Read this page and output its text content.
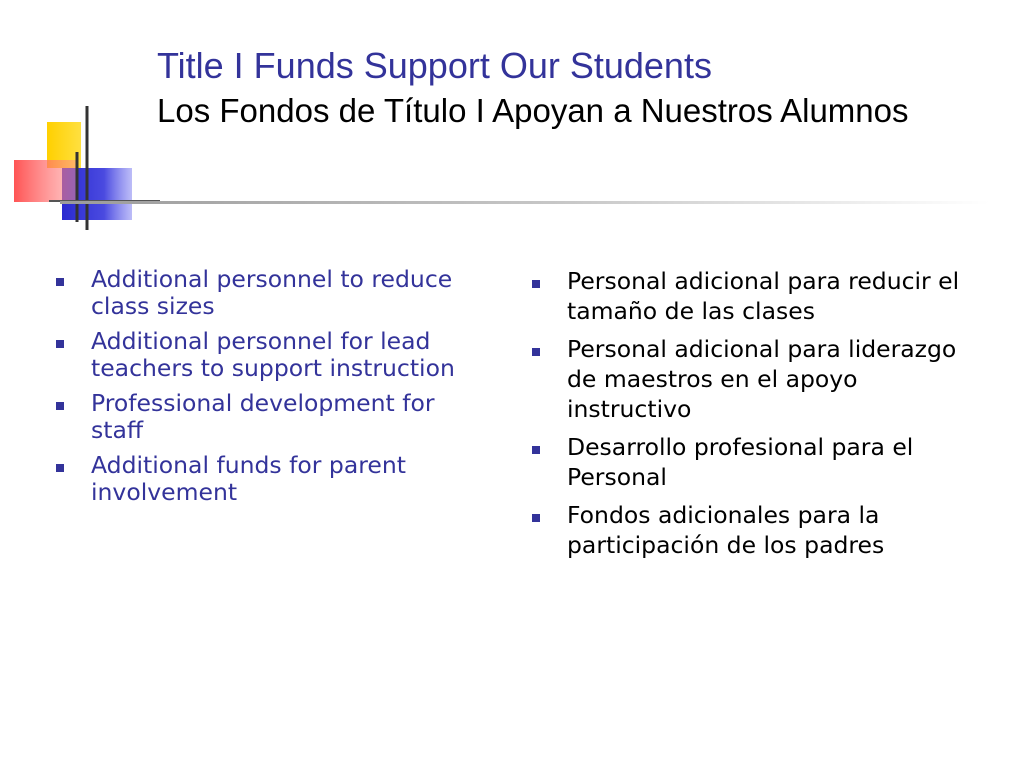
Title I Funds Support Our Students
Los Fondos de Título I Apoyan a Nuestros Alumnos
Additional personnel to reduce class sizes
Additional personnel for lead teachers to support instruction
Professional development for staff
Additional funds for parent involvement
Personal adicional para reducir el tamaño de las clases
Personal adicional para liderazgo de maestros en el apoyo instructivo
Desarrollo profesional para el Personal
Fondos adicionales para la participación de los padres
